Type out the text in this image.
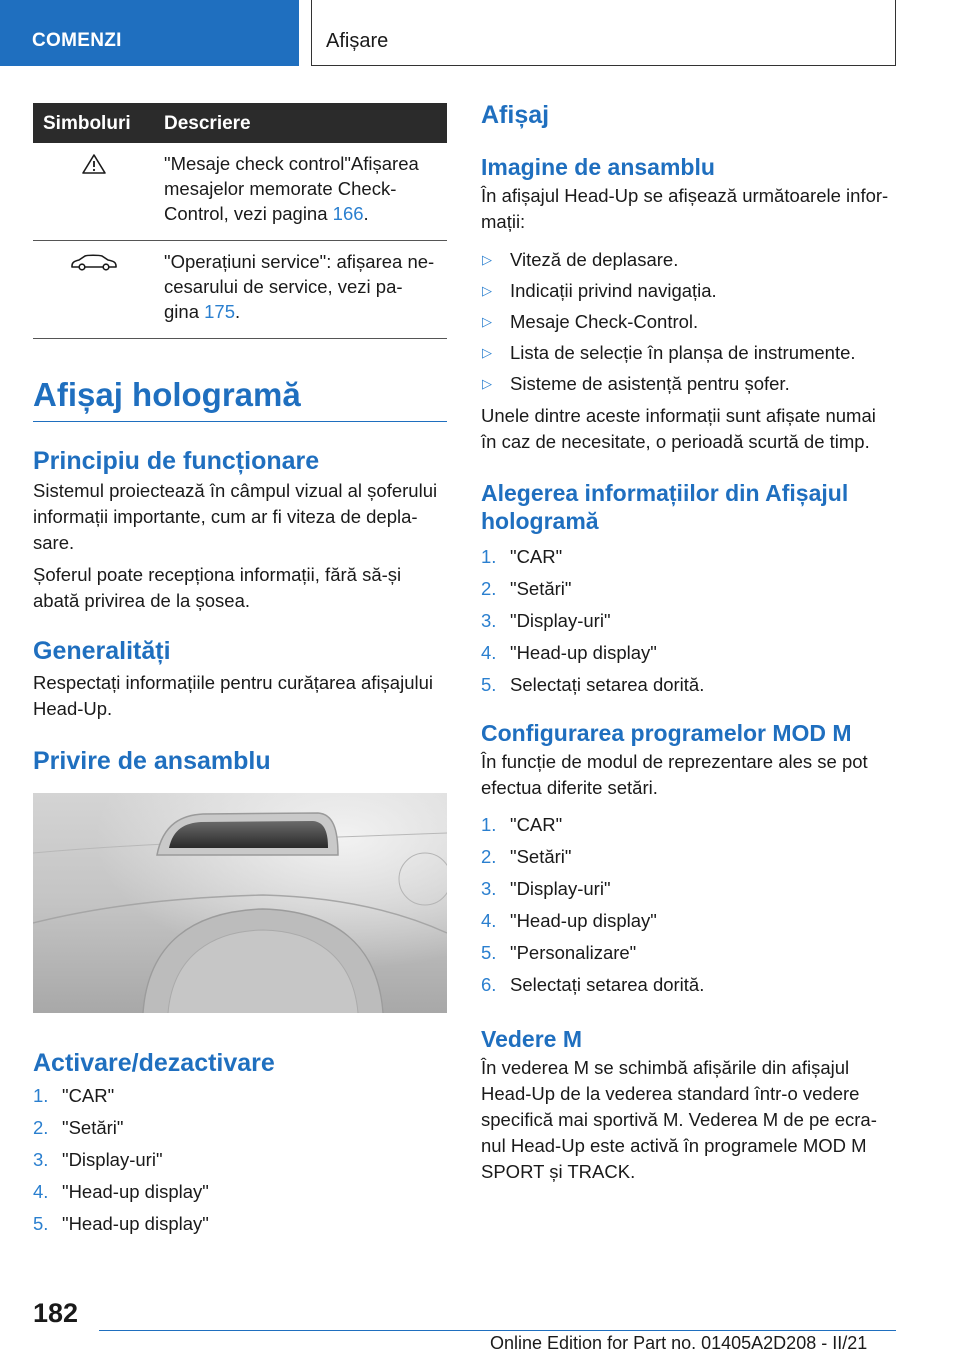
COMENZI	Afișare
Simboluri	Descriere
	"Mesaje check control"Afișarea mesajelor memorate Check-Control, vezi pagina 166.
	"Operațiuni service": afișarea ne-cesarului de service, vezi pa-gina 175.
Afișaj hologramă
Principiu de funcționare

Sistemul proiectează în câmpul vizual al șoferului informații importante, cum ar fi viteza de depla-sare.

Șoferul poate recepționa informații, fără să-și abată privirea de la șosea.

Generalități

Respectați informațiile pentru curățarea afișajului Head-Up.

Privire de ansamblu
Activare/dezactivare
1. "CAR"
2. "Setări"
3. "Display-uri"
4. "Head-up display"
5. "Head-up display"
Afișaj
Imagine de ansamblu

În afișajul Head-Up se afișează următoarele infor-mații:

▷ Viteză de deplasare.
▷ Indicații privind navigația.
▷ Mesaje Check-Control.
▷ Lista de selecție în planșa de instrumente.
▷ Sisteme de asistență pentru șofer.

Unele dintre aceste informații sunt afișate numai în caz de necesitate, o perioadă scurtă de timp.

Alegerea informațiilor din Afișajul hologramă
1. "CAR"
2. "Setări"
3. "Display-uri"
4. "Head-up display"
5. Selectați setarea dorită.
Configurarea programelor MOD M

În funcție de modul de reprezentare ales se pot efectua diferite setări.

1. "CAR"
2. "Setări"
3. "Display-uri"
4. "Head-up display"
5. "Personalizare"
6. Selectați setarea dorită.
Vedere M

În vederea M se schimbă afișările din afișajul Head-Up de la vederea standard într-o vedere specifică mai sportivă M. Vederea M de pe ecra-nul Head-Up este activă în programele MOD M SPORT și TRACK.

182
Online Edition for Part no. 01405A2D208 - II/21
